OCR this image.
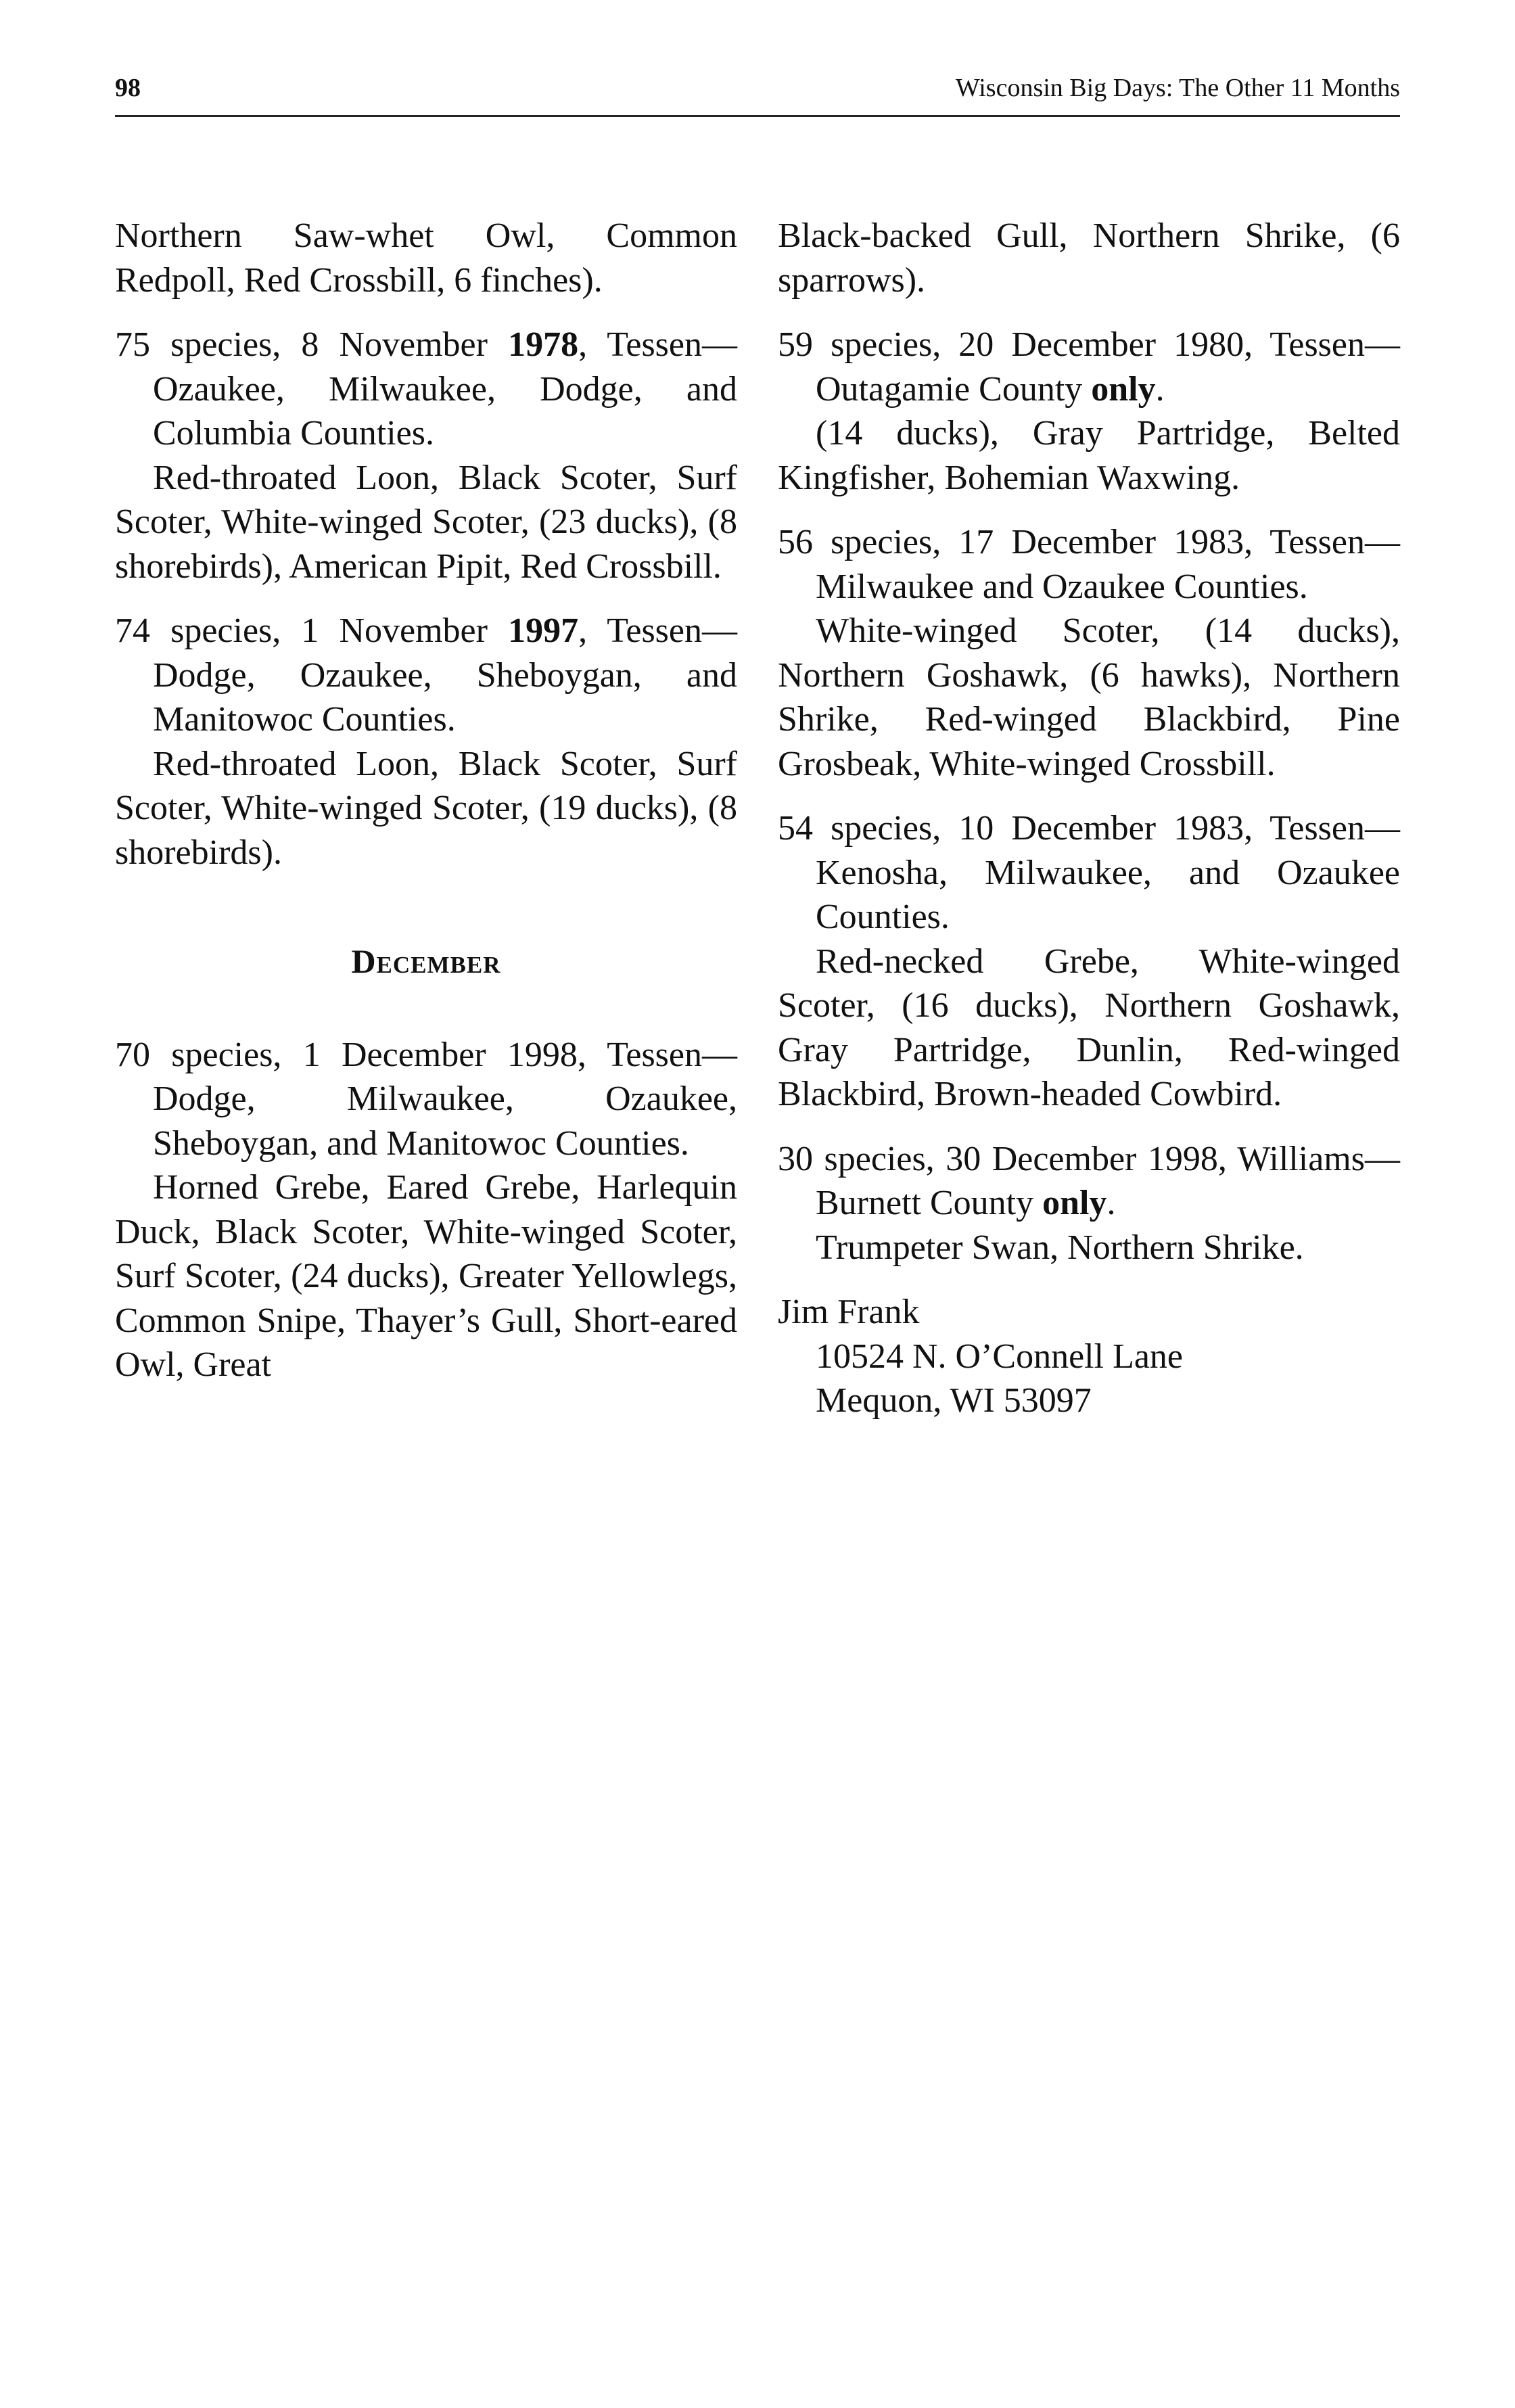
98	Wisconsin Big Days: The Other 11 Months

Northern Saw-whet Owl, Common Redpoll, Red Crossbill, 6 finches).

75 species, 8 November 1978, Tessen—Ozaukee, Milwaukee, Dodge, and Columbia Counties.

Red-throated Loon, Black Scoter, Surf Scoter, White-winged Scoter, (23 ducks), (8 shorebirds), American Pipit, Red Crossbill.

74 species, 1 November 1997, Tessen—Dodge, Ozaukee, Sheboygan, and Manitowoc Counties.

Red-throated Loon, Black Scoter, Surf Scoter, White-winged Scoter, (19 ducks), (8 shorebirds).

December

70 species, 1 December 1998, Tessen—Dodge, Milwaukee, Ozaukee, Sheboygan, and Manitowoc Counties.

Horned Grebe, Eared Grebe, Harlequin Duck, Black Scoter, White-winged Scoter, Surf Scoter, (24 ducks), Greater Yellowlegs, Common Snipe, Thayer’s Gull, Short-eared Owl, Great

Black-backed Gull, Northern Shrike, (6 sparrows).

59 species, 20 December 1980, Tessen—Outagamie County only.

(14 ducks), Gray Partridge, Belted Kingfisher, Bohemian Waxwing.

56 species, 17 December 1983, Tessen—Milwaukee and Ozaukee Counties.

White-winged Scoter, (14 ducks), Northern Goshawk, (6 hawks), Northern Shrike, Red-winged Blackbird, Pine Grosbeak, White-winged Crossbill.

54 species, 10 December 1983, Tessen—Kenosha, Milwaukee, and Ozaukee Counties.

Red-necked Grebe, White-winged Scoter, (16 ducks), Northern Goshawk, Gray Partridge, Dunlin, Red-winged Blackbird, Brown-headed Cowbird.

30 species, 30 December 1998, Williams—Burnett County only.

Trumpeter Swan, Northern Shrike.

Jim Frank

10524 N. O’Connell Lane

Mequon, WI 53097
